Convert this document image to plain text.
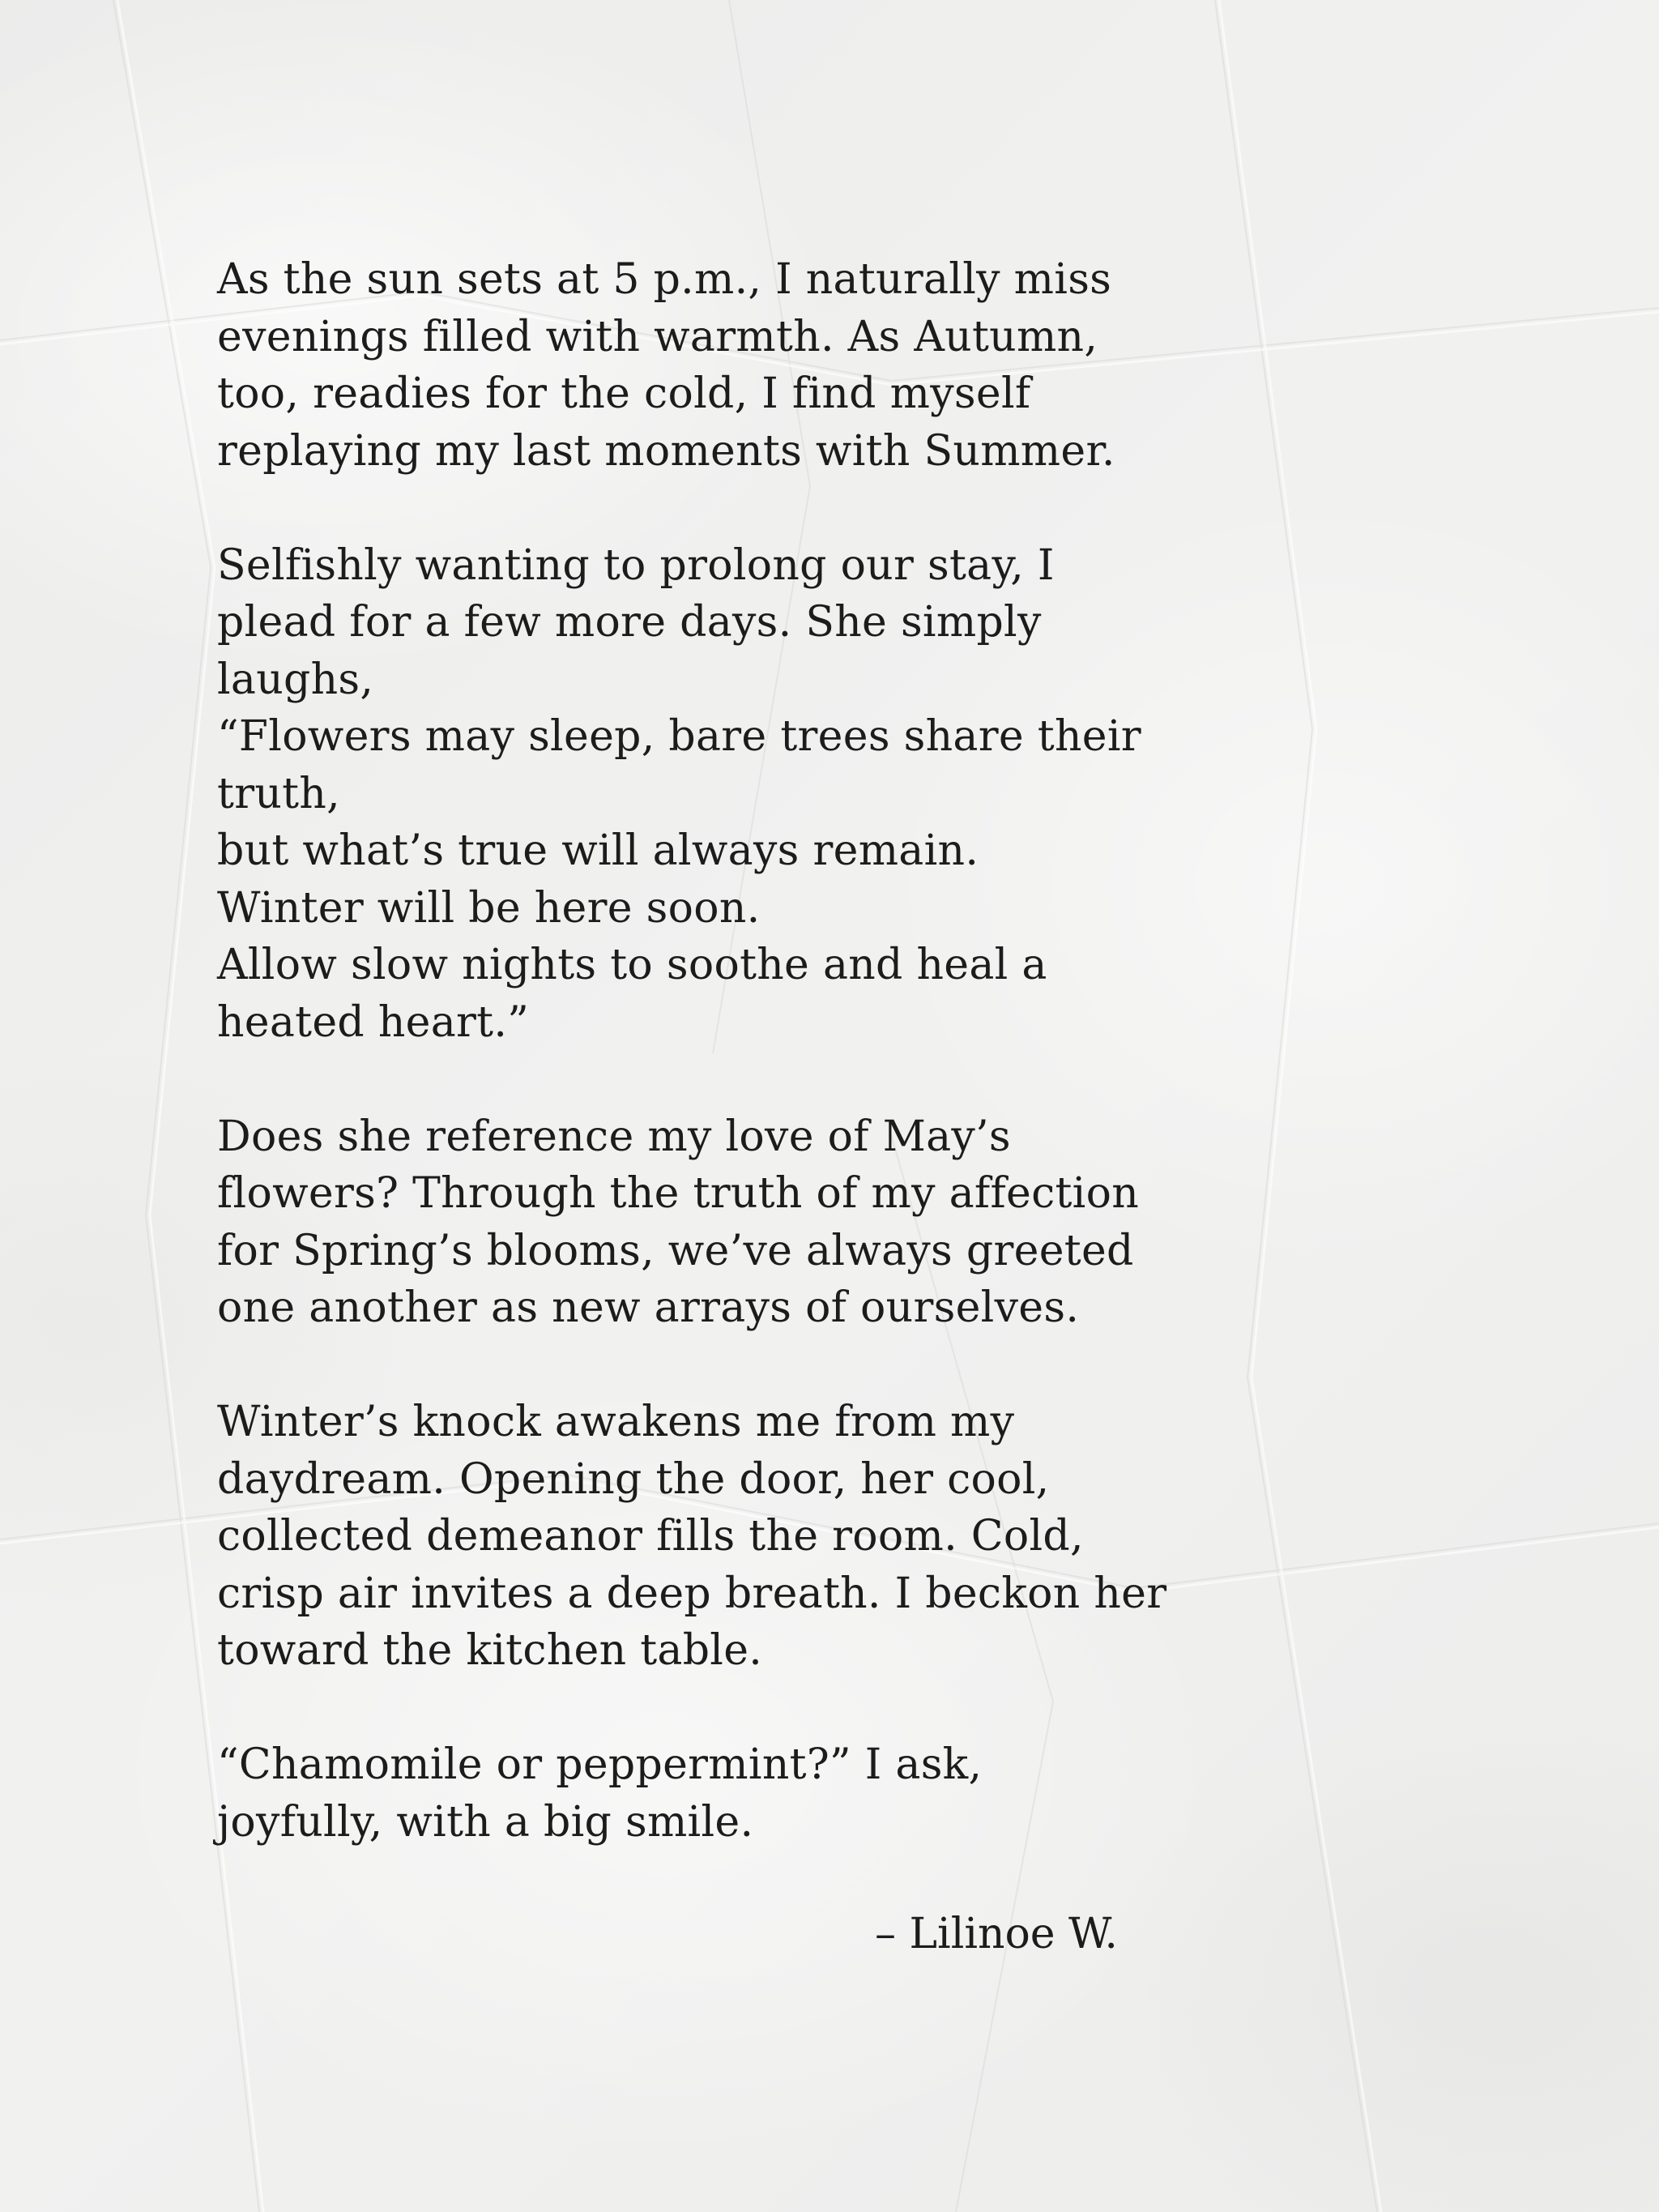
As the sun sets at 5 p.m., I naturally miss
evenings filled with warmth. As Autumn,
too, readies for the cold, I find myself
replaying my last moments with Summer.
Selfishly wanting to prolong our stay, I
plead for a few more days. She simply
laughs,
“Flowers may sleep, bare trees share their
truth,
but what’s true will always remain.
Winter will be here soon.
Allow slow nights to soothe and heal a
heated heart.”
Does she reference my love of May’s
flowers? Through the truth of my affection
for Spring’s blooms, we’ve always greeted
one another as new arrays of ourselves.
Winter’s knock awakens me from my
daydream. Opening the door, her cool,
collected demeanor fills the room. Cold,
crisp air invites a deep breath. I beckon her
toward the kitchen table.
“Chamomile or peppermint?” I ask,
joyfully, with a big smile.
– Lilinoe W.
